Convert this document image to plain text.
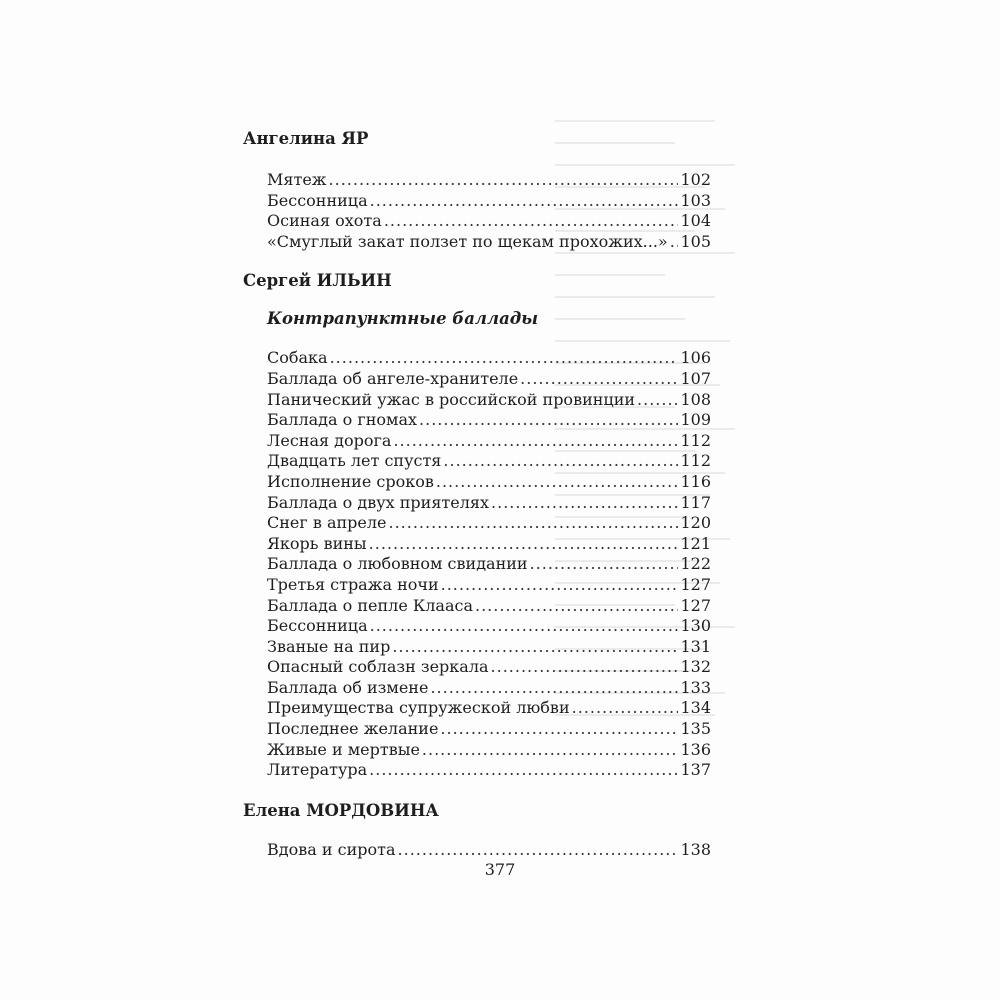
Ангелина ЯР
Мятеж .....	102
Бессонница .....	103
Осиная охота .....	104
«Смуглый закат ползет по щекам прохожих...» ..... 105
Сергей ИЛЬИН
Контрапунктные баллады
Собака .....	106
Баллада об ангеле-хранителе .....	107
Панический ужас в российской провинции .....	108
Баллада о гномах .....	109
Лесная дорога .....	112
Двадцать лет спустя .....	112
Исполнение сроков .....	116
Баллада о двух приятелях .....	117
Снег в апреле .....	120
Якорь вины .....	121
Баллада о любовном свидании .....	122
Третья стража ночи .....	127
Баллада о пепле Клааса .....	127
Бессонница .....	130
Званые на пир .....	131
Опасный соблазн зеркала .....	132
Баллада об измене .....	133
Преимущества супружеской любви .....	134
Последнее желание .....	135
Живые и мертвые .....	136
Литература .....	137
Елена МОРДОВИНА
Вдова и сирота .....	138
377
